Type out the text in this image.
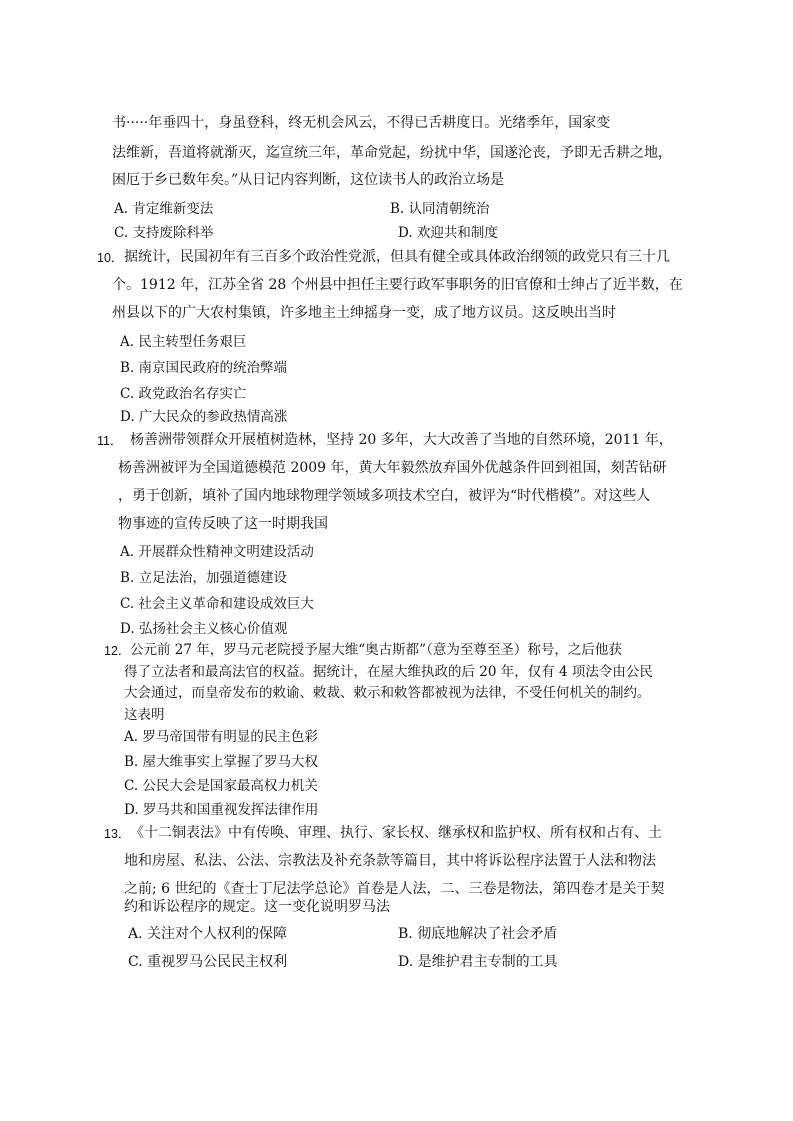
书·····年垂四十，身虽登科，终无机会风云，不得已舌耕度日。光绪季年，国家变
法维新，吾道将就渐灭，迄宣统三年，革命党起，纷扰中华，国遂沦丧，予即无舌耕之地，
困厄于乡已数年矣。”从日记内容判断，这位读书人的政治立场是
A. 肯定维新变法	B. 认同清朝统治
C. 支持废除科举	D. 欢迎共和制度
10． 据统计，民国初年有三百多个政治性党派，但具有健全或具体政治纲领的政党只有三十几
个。1912 年，江苏全省 28 个州县中担任主要行政军事职务的旧官僚和士绅占了近半数，在
州县以下的广大农村集镇，许多地主土绅摇身一变，成了地方议员。这反映出当时
A. 民主转型任务艰巨
B. 南京国民政府的统治弊端
C. 政党政治名存实亡
D. 广大民众的参政热情高涨
11． 杨善洲带领群众开展植树造林，坚持 20 多年，大大改善了当地的自然环境，2011 年，
杨善洲被评为全国道德模范 2009 年，黄大年毅然放弃国外优越条件回到祖国，刻苦钻研
，勇于创新，填补了国内地球物理学领域多项技术空白，被评为“时代楷模”。对这些人
物事迹的宣传反映了这一时期我国
A. 开展群众性精神文明建设活动
B. 立足法治，加强道德建设
C. 社会主义革命和建设成效巨大
D. 弘扬社会主义核心价值观
12． 公元前 27 年，罗马元老院授予屋大维“奥古斯都”（意为至尊至圣）称号，之后他获
得了立法者和最高法官的权益。据统计，在屋大维执政的后 20 年，仅有 4 项法令由公民
大会通过，而皇帝发布的敕谕、敕裁、敕示和敕答都被视为法律，不受任何机关的制约。
这表明
A. 罗马帝国带有明显的民主色彩
B. 屋大维事实上掌握了罗马大权
C. 公民大会是国家最高权力机关
D. 罗马共和国重视发挥法律作用
13． 《十二铜表法》中有传唤、审理、执行、家长权、继承权和监护权、所有权和占有、土
地和房屋、私法、公法、宗教法及补充条款等篇目，其中将诉讼程序法置于人法和物法
之前; 6 世纪的《查士丁尼法学总论》首卷是人法，二、三卷是物法，第四卷才是关于契
约和诉讼程序的规定。这一变化说明罗马法
A. 关注对个人权利的保障	B. 彻底地解决了社会矛盾
C. 重视罗马公民民主权利	D. 是维护君主专制的工具
